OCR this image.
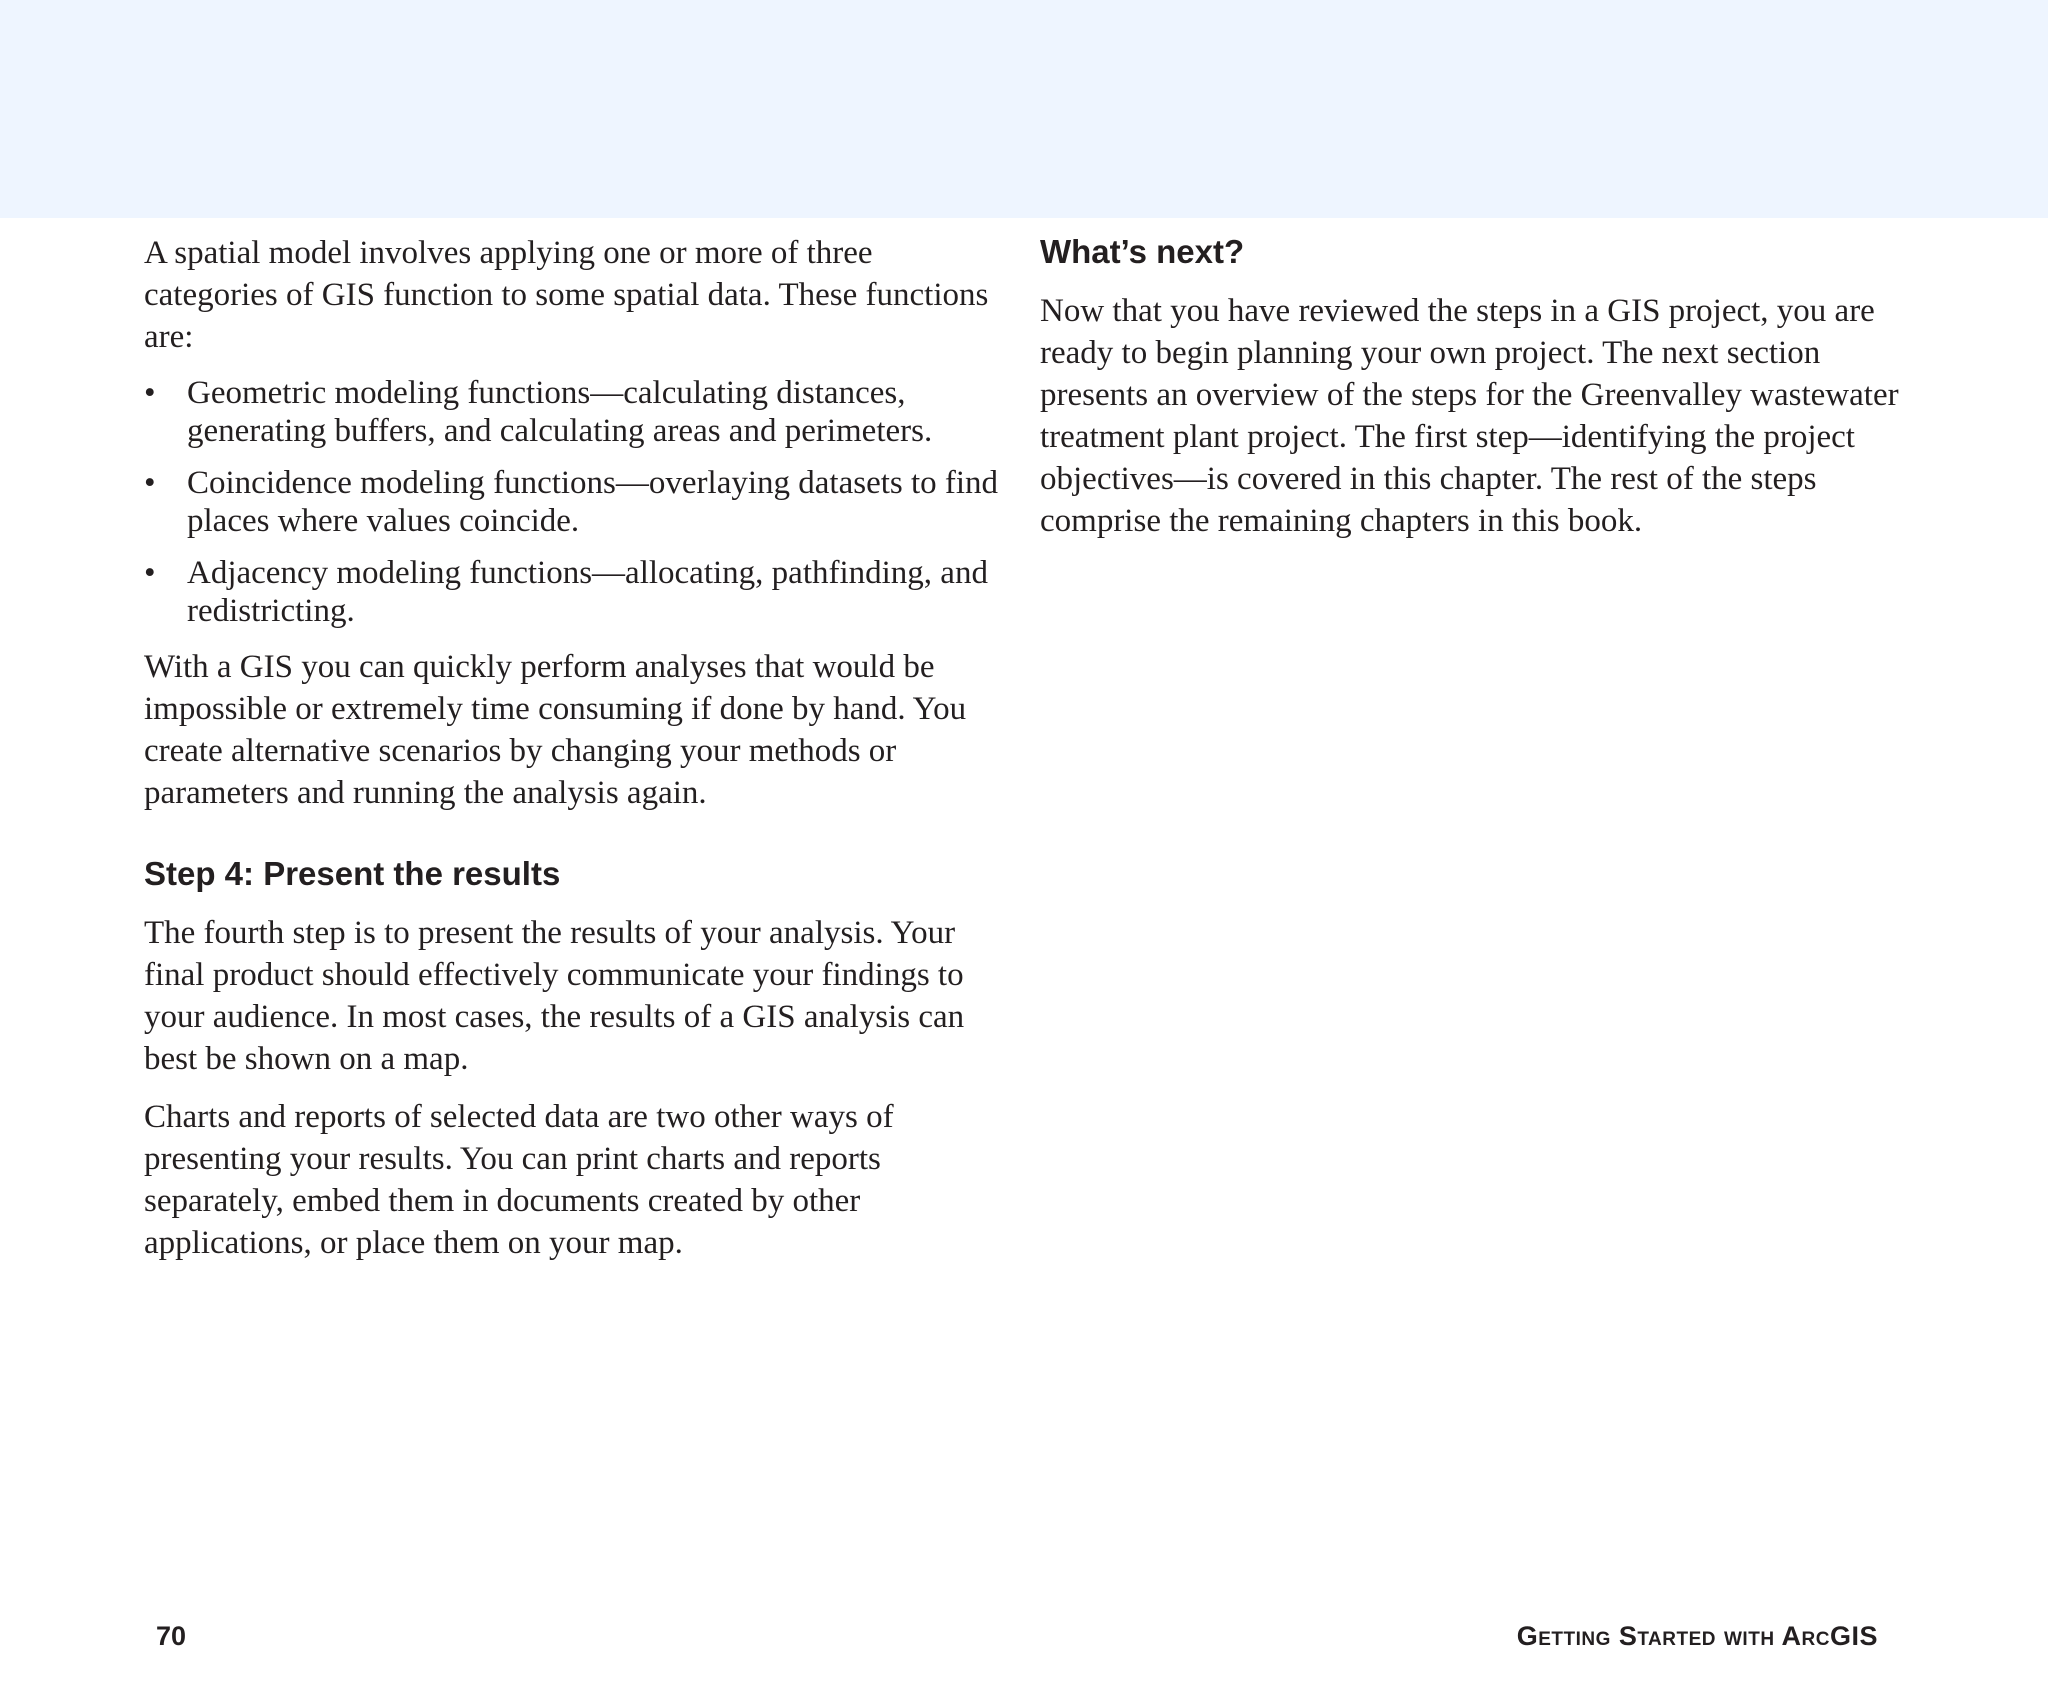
A spatial model involves applying one or more of three categories of GIS function to some spatial data. These functions are:

• Geometric modeling functions—calculating distances, generating buffers, and calculating areas and perimeters.
• Coincidence modeling functions—overlaying datasets to find places where values coincide.
• Adjacency modeling functions—allocating, pathfinding, and redistricting.

With a GIS you can quickly perform analyses that would be impossible or extremely time consuming if done by hand. You create alternative scenarios by changing your methods or parameters and running the analysis again.

Step 4: Present the results

The fourth step is to present the results of your analysis. Your final product should effectively communicate your findings to your audience. In most cases, the results of a GIS analysis can best be shown on a map.

Charts and reports of selected data are two other ways of presenting your results. You can print charts and reports separately, embed them in documents created by other applications, or place them on your map.

What’s next?

Now that you have reviewed the steps in a GIS project, you are ready to begin planning your own project. The next section presents an overview of the steps for the Greenvalley wastewater treatment plant project. The first step—identifying the project objectives—is covered in this chapter. The rest of the steps comprise the remaining chapters in this book.

70	Getting Started with ArcGIS
